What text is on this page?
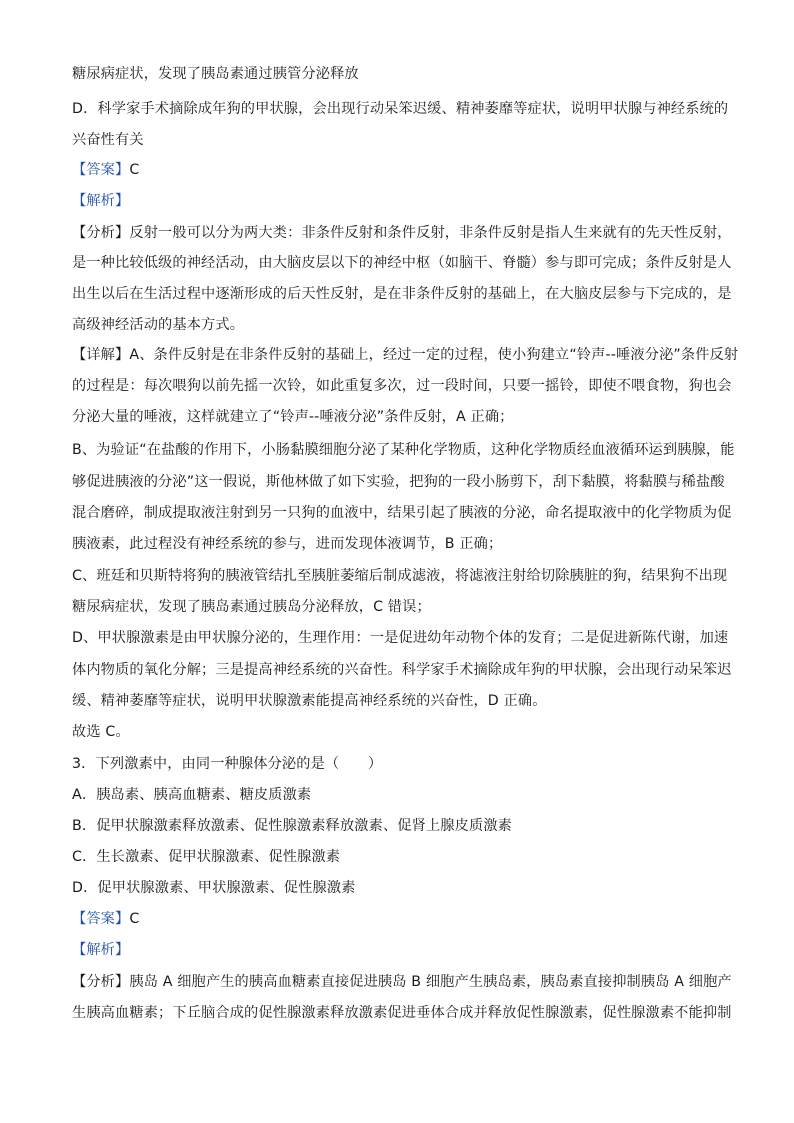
糖尿病症状，发现了胰岛素通过胰管分泌释放
D．科学家手术摘除成年狗的甲状腺，会出现行动呆笨迟缓、精神萎靡等症状，说明甲状腺与神经系统的
兴奋性有关
【答案】C
【解析】
【分析】反射一般可以分为两大类：非条件反射和条件反射，非条件反射是指人生来就有的先天性反射，
是一种比较低级的神经活动，由大脑皮层以下的神经中枢（如脑干、脊髓）参与即可完成；条件反射是人
出生以后在生活过程中逐渐形成的后天性反射，是在非条件反射的基础上，在大脑皮层参与下完成的，是
高级神经活动的基本方式。
【详解】A、条件反射是在非条件反射的基础上，经过一定的过程，使小狗建立“铃声--唾液分泌”条件反射
的过程是：每次喂狗以前先摇一次铃，如此重复多次，过一段时间，只要一摇铃，即使不喂食物，狗也会
分泌大量的唾液，这样就建立了“铃声--唾液分泌”条件反射，A 正确；
B、为验证“在盐酸的作用下，小肠黏膜细胞分泌了某种化学物质，这种化学物质经血液循环运到胰腺，能
够促进胰液的分泌”这一假说，斯他林做了如下实验，把狗的一段小肠剪下，刮下黏膜，将黏膜与稀盐酸
混合磨碎，制成提取液注射到另一只狗的血液中，结果引起了胰液的分泌，命名提取液中的化学物质为促
胰液素，此过程没有神经系统的参与，进而发现体液调节，B 正确；
C、班廷和贝斯特将狗的胰液管结扎至胰脏萎缩后制成滤液，将滤液注射给切除胰脏的狗，结果狗不出现
糖尿病症状，发现了胰岛素通过胰岛分泌释放，C 错误；
D、甲状腺激素是由甲状腺分泌的，生理作用：一是促进幼年动物个体的发育；二是促进新陈代谢，加速
体内物质的氧化分解；三是提高神经系统的兴奋性。科学家手术摘除成年狗的甲状腺，会出现行动呆笨迟
缓、精神萎靡等症状，说明甲状腺激素能提高神经系统的兴奋性，D 正确。
故选 C。
3．下列激素中，由同一种腺体分泌的是（　　）
A．胰岛素、胰高血糖素、糖皮质激素
B．促甲状腺激素释放激素、促性腺激素释放激素、促肾上腺皮质激素
C．生长激素、促甲状腺激素、促性腺激素
D．促甲状腺激素、甲状腺激素、促性腺激素
【答案】C
【解析】
【分析】胰岛 A 细胞产生的胰高血糖素直接促进胰岛 B 细胞产生胰岛素，胰岛素直接抑制胰岛 A 细胞产
生胰高血糖素；下丘脑合成的促性腺激素释放激素促进垂体合成并释放促性腺激素，促性腺激素不能抑制
